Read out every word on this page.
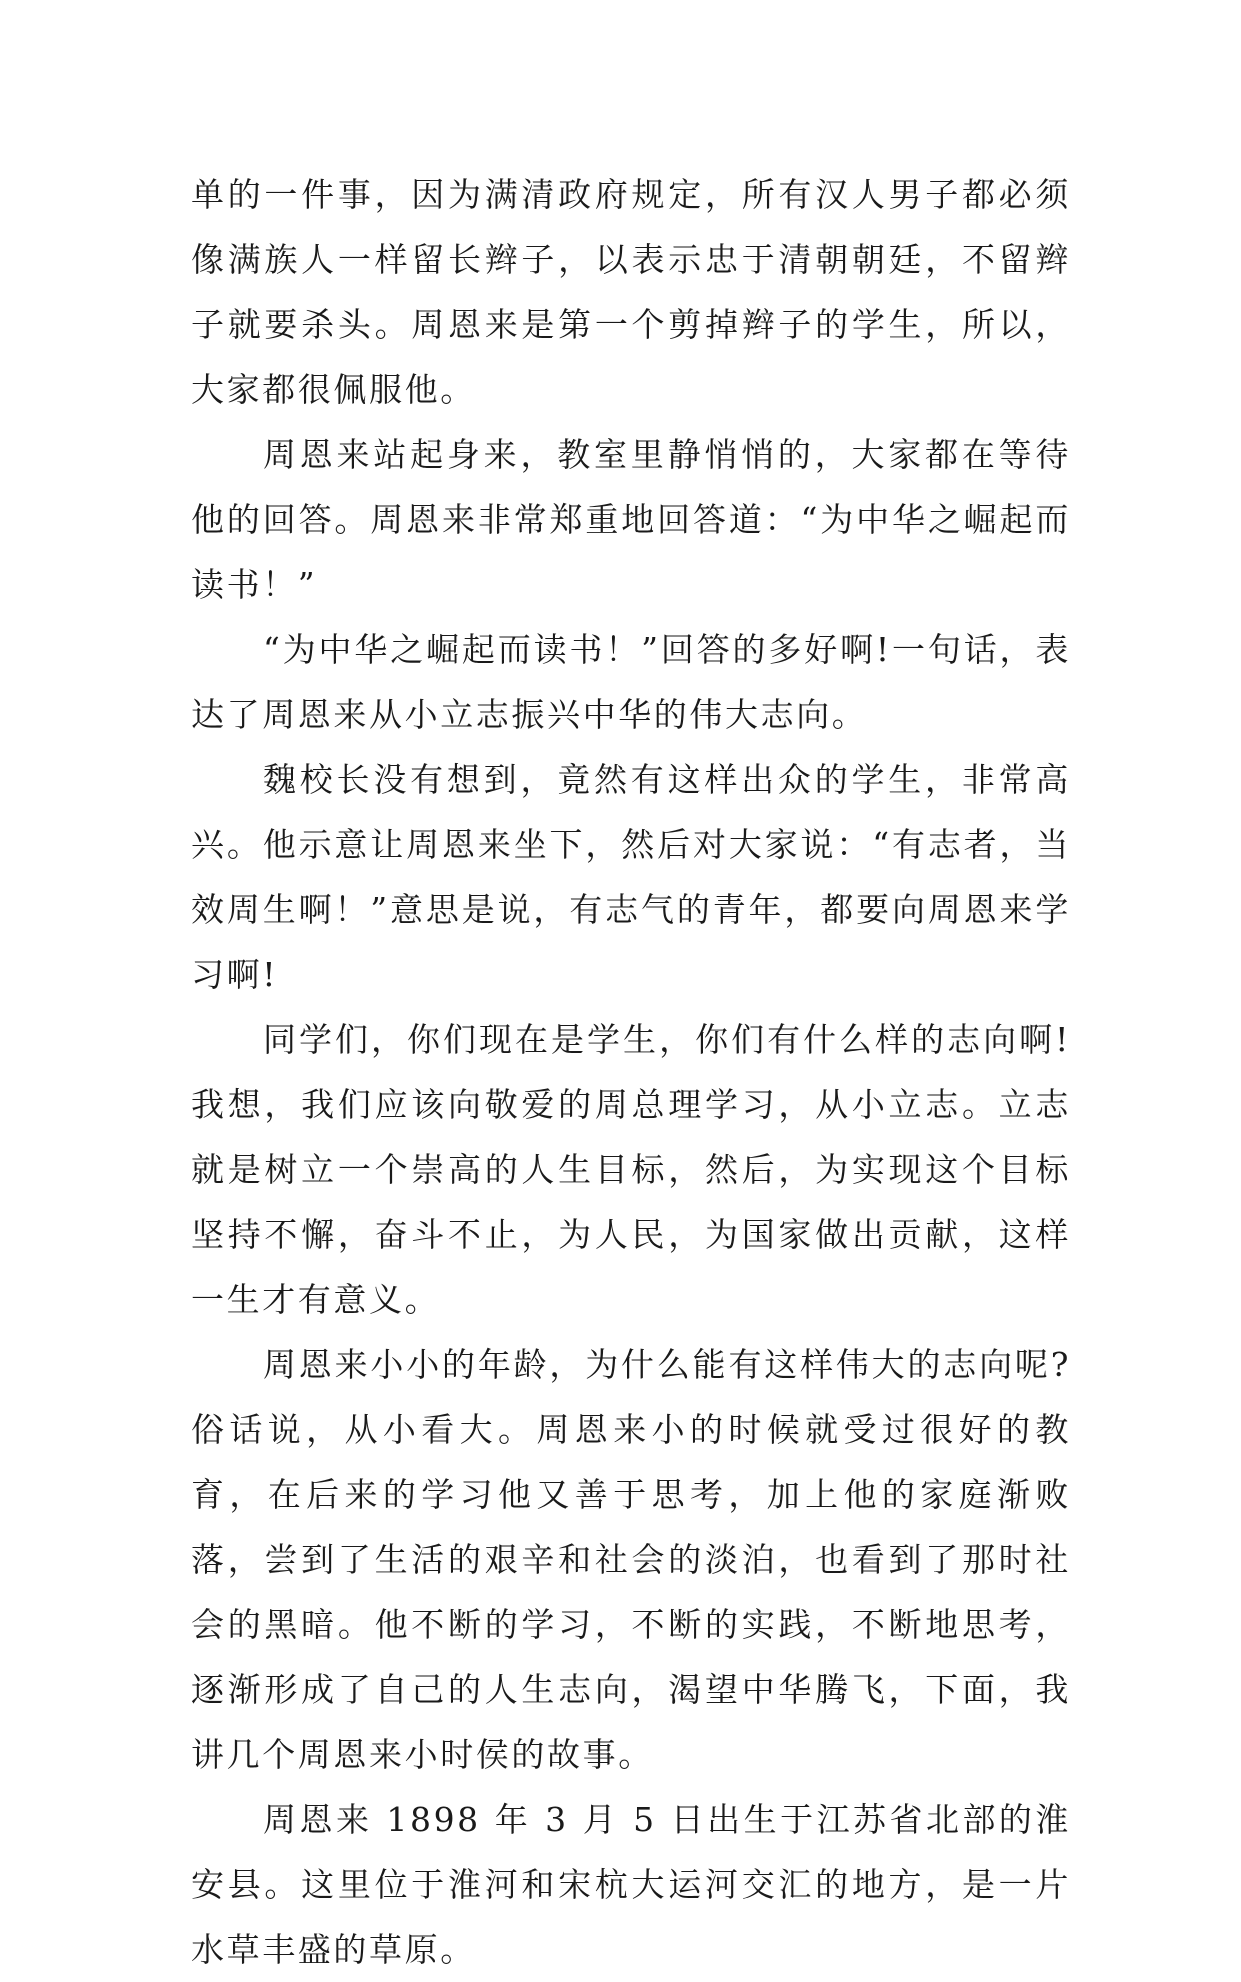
单的一件事，因为满清政府规定，所有汉人男子都必须像满族人一样留长辫子，以表示忠于清朝朝廷，不留辫子就要杀头。周恩来是第一个剪掉辫子的学生，所以，大家都很佩服他。

周恩来站起身来，教室里静悄悄的，大家都在等待他的回答。周恩来非常郑重地回答道：“为中华之崛起而读书！”

“为中华之崛起而读书！”回答的多好啊!一句话，表达了周恩来从小立志振兴中华的伟大志向。

魏校长没有想到，竟然有这样出众的学生，非常高兴。他示意让周恩来坐下，然后对大家说：“有志者，当效周生啊！”意思是说，有志气的青年，都要向周恩来学习啊!

同学们，你们现在是学生，你们有什么样的志向啊!我想，我们应该向敬爱的周总理学习，从小立志。立志就是树立一个崇高的人生目标，然后，为实现这个目标坚持不懈，奋斗不止，为人民，为国家做出贡献，这样一生才有意义。

周恩来小小的年龄，为什么能有这样伟大的志向呢?俗话说，从小看大。周恩来小的时候就受过很好的教育，在后来的学习他又善于思考，加上他的家庭渐败落，尝到了生活的艰辛和社会的淡泊，也看到了那时社会的黑暗。他不断的学习，不断的实践，不断地思考，逐渐形成了自己的人生志向，渴望中华腾飞，下面，我讲几个周恩来小时侯的故事。

周恩来 1898 年 3 月 5 日出生于江苏省北部的淮安县。这里位于淮河和宋杭大运河交汇的地方，是一片水草丰盛的草原。
